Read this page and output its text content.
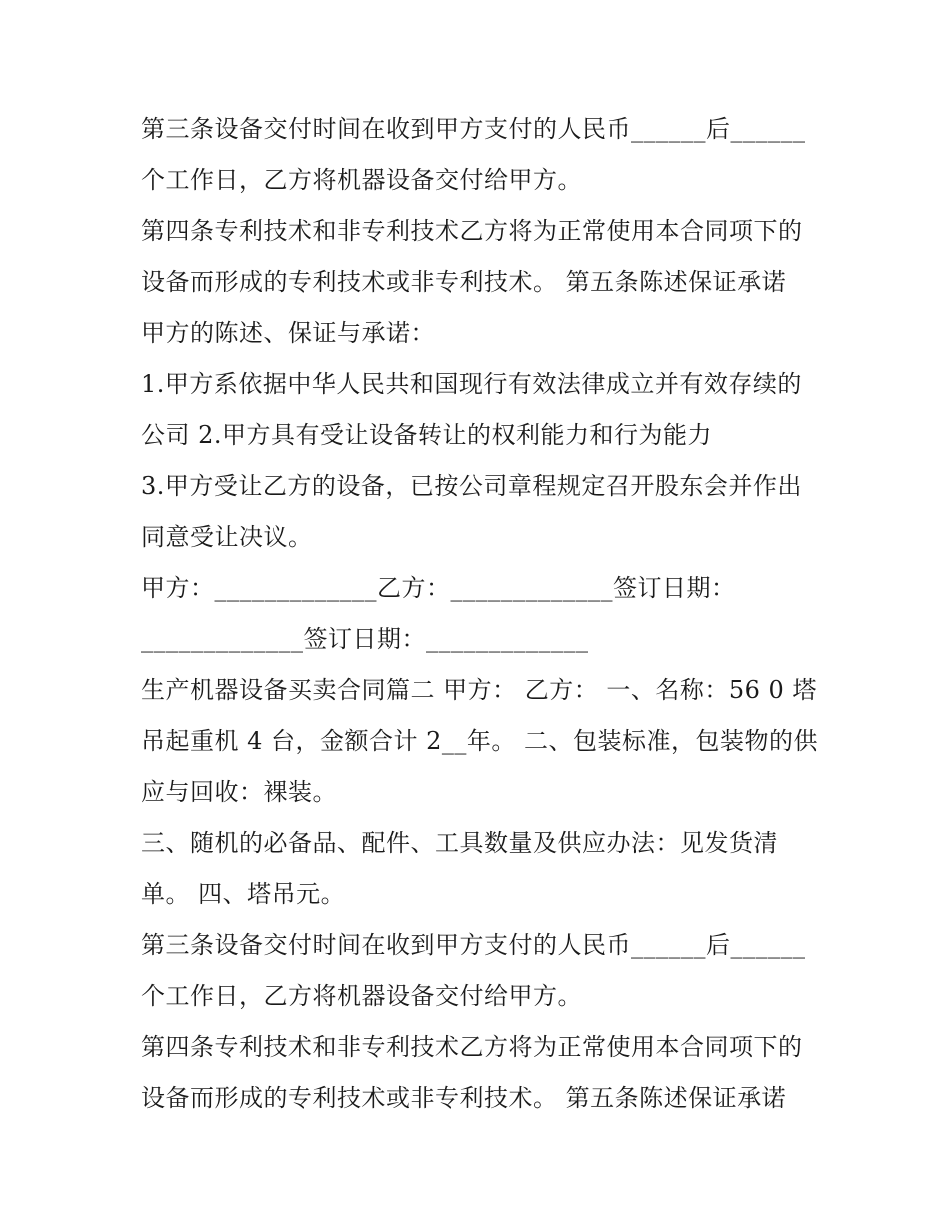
第三条设备交付时间在收到甲方支付的人民币______后______
个工作日，乙方将机器设备交付给甲方。
第四条专利技术和非专利技术乙方将为正常使用本合同项下的
设备而形成的专利技术或非专利技术。 第五条陈述保证承诺
甲方的陈述、保证与承诺：
1.甲方系依据中华人民共和国现行有效法律成立并有效存续的
公司 2.甲方具有受让设备转让的权利能力和行为能力
3.甲方受让乙方的设备，已按公司章程规定召开股东会并作出
同意受让决议。
甲方：_____________乙方：_____________签订日期：
_____________签订日期：_____________
生产机器设备买卖合同篇二 甲方： 乙方： 一、名称：56 0 塔
吊起重机 4 台，金额合计 2__年。 二、包装标准，包装物的供
应与回收：裸装。
三、随机的必备品、配件、工具数量及供应办法：见发货清
单。 四、塔吊元。
第三条设备交付时间在收到甲方支付的人民币______后______
个工作日，乙方将机器设备交付给甲方。
第四条专利技术和非专利技术乙方将为正常使用本合同项下的
设备而形成的专利技术或非专利技术。 第五条陈述保证承诺
